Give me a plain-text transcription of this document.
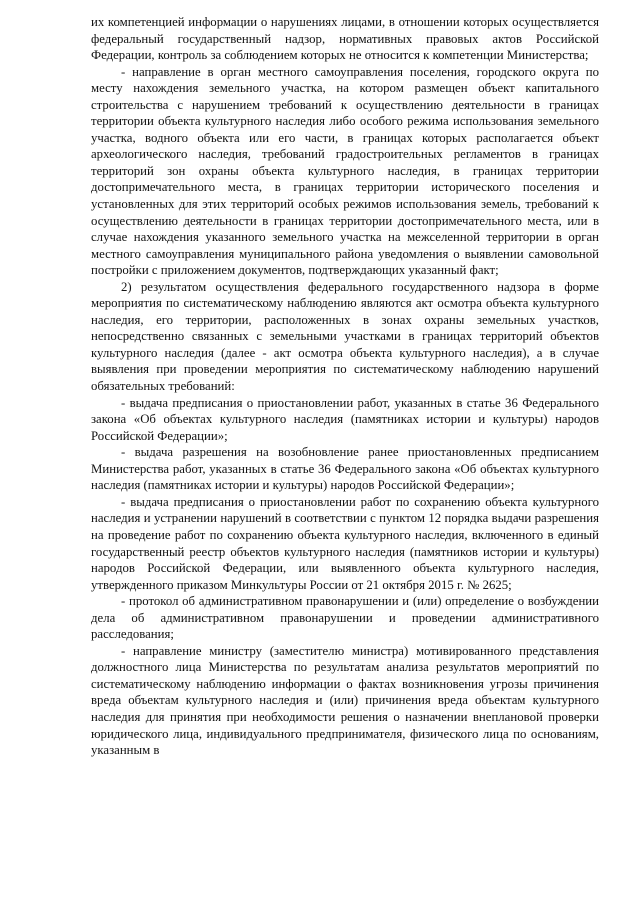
их компетенцией информации о нарушениях лицами, в отношении которых осуществляется федеральный государственный надзор, нормативных правовых актов Российской Федерации, контроль за соблюдением которых не относится к компетенции Министерства;

- направление в орган местного самоуправления поселения, городского округа по месту нахождения земельного участка, на котором размещен объект капитального строительства с нарушением требований к осуществлению деятельности в границах территории объекта культурного наследия либо особого режима использования земельного участка, водного объекта или его части, в границах которых располагается объект археологического наследия, требований градостроительных регламентов в границах территорий зон охраны объекта культурного наследия, в границах территории достопримечательного места, в границах территории исторического поселения и установленных для этих территорий особых режимов использования земель, требований к осуществлению деятельности в границах территории достопримечательного места, или в случае нахождения указанного земельного участка на межселенной территории в орган местного самоуправления муниципального района уведомления о выявлении самовольной постройки с приложением документов, подтверждающих указанный факт;

2) результатом осуществления федерального государственного надзора в форме мероприятия по систематическому наблюдению являются акт осмотра объекта культурного наследия, его территории, расположенных в зонах охраны земельных участков, непосредственно связанных с земельными участками в границах территорий объектов культурного наследия (далее - акт осмотра объекта культурного наследия), а в случае выявления при проведении мероприятия по систематическому наблюдению нарушений обязательных требований:

- выдача предписания о приостановлении работ, указанных в статье 36 Федерального закона «Об объектах культурного наследия (памятниках истории и культуры) народов Российской Федерации»;

- выдача разрешения на возобновление ранее приостановленных предписанием Министерства работ, указанных в статье 36 Федерального закона «Об объектах культурного наследия (памятниках истории и культуры) народов Российской Федерации»;

- выдача предписания о приостановлении работ по сохранению объекта культурного наследия и устранении нарушений в соответствии с пунктом 12 порядка выдачи разрешения на проведение работ по сохранению объекта культурного наследия, включенного в единый государственный реестр объектов культурного наследия (памятников истории и культуры) народов Российской Федерации, или выявленного объекта культурного наследия, утвержденного приказом Минкультуры России от 21 октября 2015 г. № 2625;

- протокол об административном правонарушении и (или) определение о возбуждении дела об административном правонарушении и проведении административного расследования;

- направление министру (заместителю министра) мотивированного представления должностного лица Министерства по результатам анализа результатов мероприятий по систематическому наблюдению информации о фактах возникновения угрозы причинения вреда объектам культурного наследия и (или) причинения вреда объектам культурного наследия для принятия при необходимости решения о назначении внеплановой проверки юридического лица, индивидуального предпринимателя, физического лица по основаниям, указанным в
